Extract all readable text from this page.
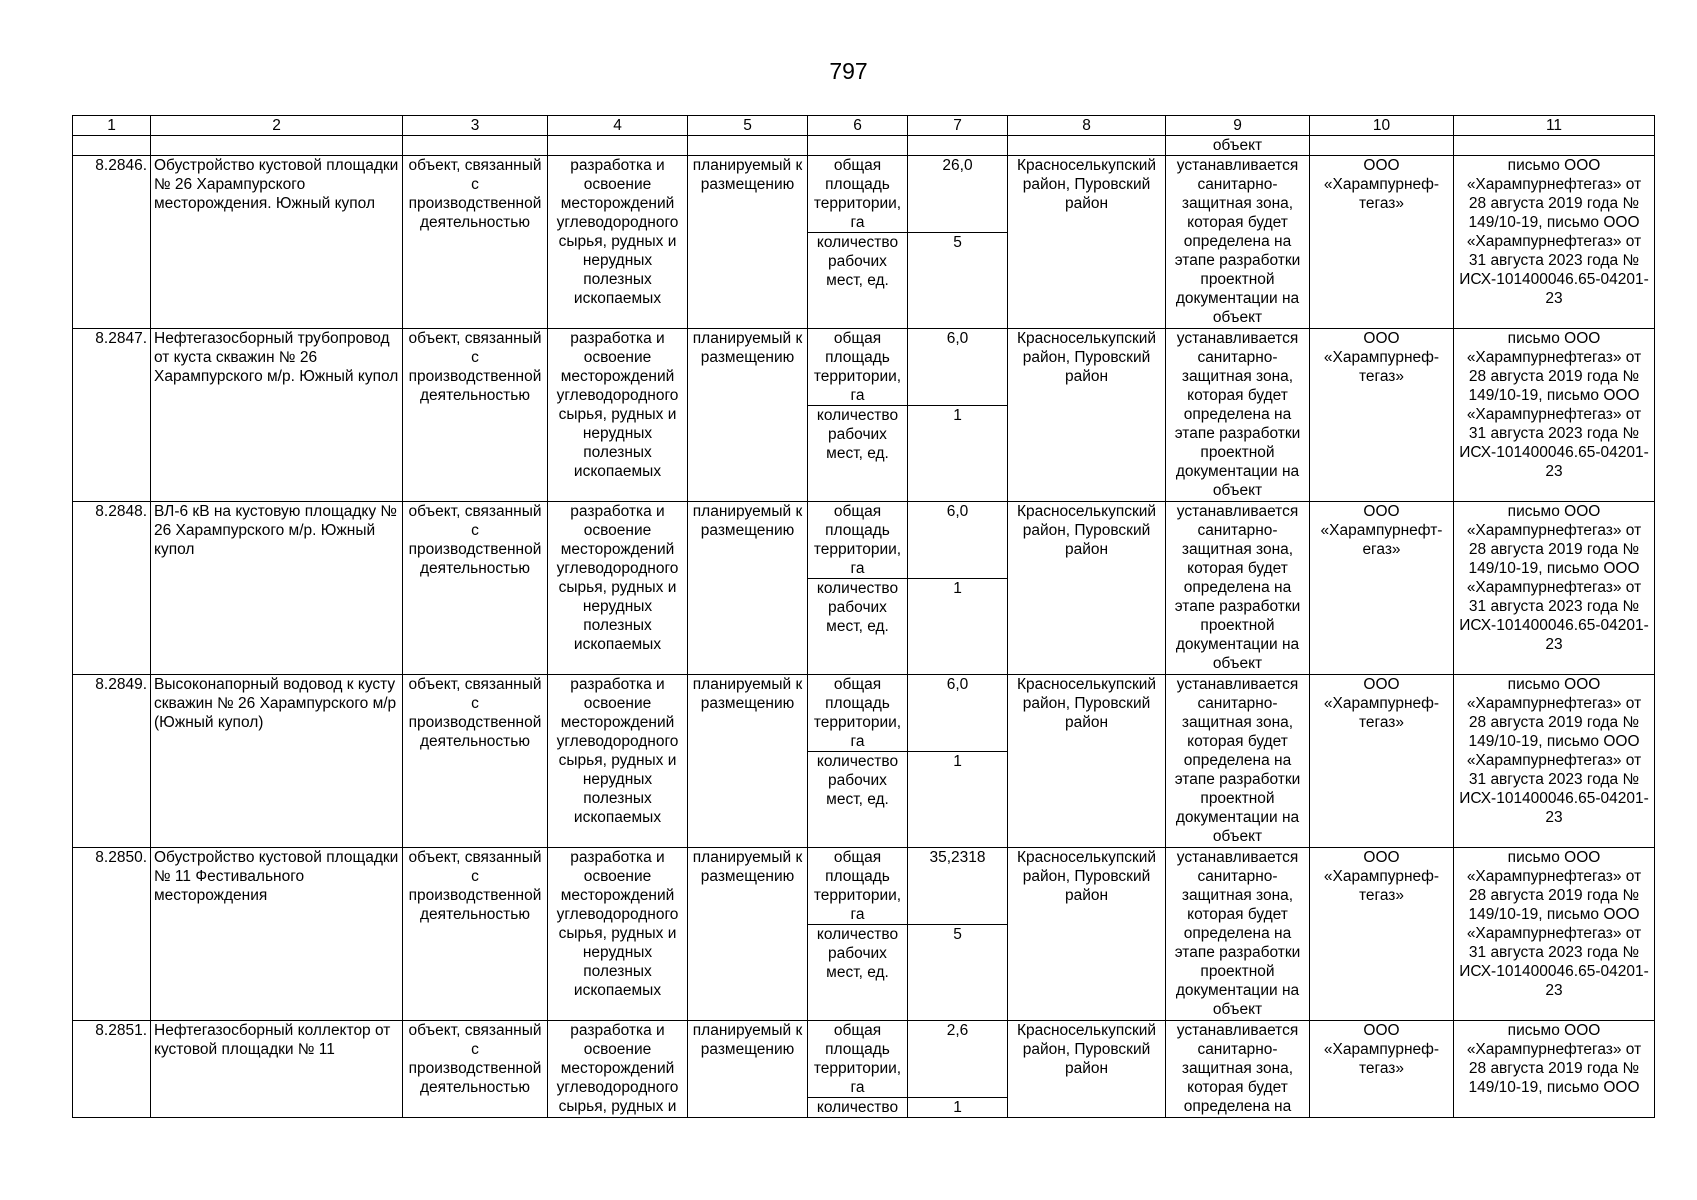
797
1	2	3	4	5	6	7	8	9	10	11
								объект		
8.2846.	Обустройство кустовой площадки № 26 Харампурского месторождения. Южный купол	объект, связанный с производственной деятельностью	разработка и освоение месторождений углеводородного сырья, рудных и нерудных полезных ископаемых	планируемый к размещению	общая площадь территории, га	26,0	Красноселькупский район, Пуровский район	устанавливается санитарно-защитная зона, которая будет определена на этапе разработки проектной документации на объект	ООО «Харампурнеф-тегаз»	письмо ООО «Харампурнефтегаз» от 28 августа 2019 года № 149/10-19, письмо ООО «Харампурнефтегаз» от 31 августа 2023 года № ИСХ-101400046.65-04201-23
					количество рабочих мест, ед.	5				
8.2847.	Нефтегазосборный трубопровод от куста скважин № 26 Харампурского м/р. Южный купол	объект, связанный с производственной деятельностью	разработка и освоение месторождений углеводородного сырья, рудных и нерудных полезных ископаемых	планируемый к размещению	общая площадь территории, га	6,0	Красноселькупский район, Пуровский район	устанавливается санитарно-защитная зона, которая будет определена на этапе разработки проектной документации на объект	ООО «Харампурнеф-тегаз»	письмо ООО «Харампурнефтегаз» от 28 августа 2019 года № 149/10-19, письмо ООО «Харампурнефтегаз» от 31 августа 2023 года № ИСХ-101400046.65-04201-23
					количество рабочих мест, ед.	1				
8.2848.	ВЛ-6 кВ на кустовую площадку № 26 Харампурского м/р. Южный купол	объект, связанный с производственной деятельностью	разработка и освоение месторождений углеводородного сырья, рудных и нерудных полезных ископаемых	планируемый к размещению	общая площадь территории, га	6,0	Красноселькупский район, Пуровский район	устанавливается санитарно-защитная зона, которая будет определена на этапе разработки проектной документации на объект	ООО «Харампурнефт-егаз»	письмо ООО «Харампурнефтегаз» от 28 августа 2019 года № 149/10-19, письмо ООО «Харампурнефтегаз» от 31 августа 2023 года № ИСХ-101400046.65-04201-23
					количество рабочих мест, ед.	1				
8.2849.	Высоконапорный водовод к кусту скважин № 26 Харампурского м/р (Южный купол)	объект, связанный с производственной деятельностью	разработка и освоение месторождений углеводородного сырья, рудных и нерудных полезных ископаемых	планируемый к размещению	общая площадь территории, га	6,0	Красноселькупский район, Пуровский район	устанавливается санитарно-защитная зона, которая будет определена на этапе разработки проектной документации на объект	ООО «Харампурнеф-тегаз»	письмо ООО «Харампурнефтегаз» от 28 августа 2019 года № 149/10-19, письмо ООО «Харампурнефтегаз» от 31 августа 2023 года № ИСХ-101400046.65-04201-23
					количество рабочих мест, ед.	1				
8.2850.	Обустройство кустовой площадки № 11 Фестивального месторождения	объект, связанный с производственной деятельностью	разработка и освоение месторождений углеводородного сырья, рудных и нерудных полезных ископаемых	планируемый к размещению	общая площадь территории, га	35,2318	Красноселькупский район, Пуровский район	устанавливается санитарно-защитная зона, которая будет определена на этапе разработки проектной документации на объект	ООО «Харампурнеф-тегаз»	письмо ООО «Харампурнефтегаз» от 28 августа 2019 года № 149/10-19, письмо ООО «Харампурнефтегаз» от 31 августа 2023 года № ИСХ-101400046.65-04201-23
					количество рабочих мест, ед.	5				
8.2851.	Нефтегазосборный коллектор от кустовой площадки № 11	объект, связанный с производственной деятельностью	разработка и освоение месторождений углеводородного сырья, рудных и	планируемый к размещению	общая площадь территории, га	2,6	Красноселькупский район, Пуровский район	устанавливается санитарно-защитная зона, которая будет определена на	ООО «Харампурнеф-тегаз»	письмо ООО «Харампурнефтегаз» от 28 августа 2019 года № 149/10-19, письмо ООО
					количество	1				
